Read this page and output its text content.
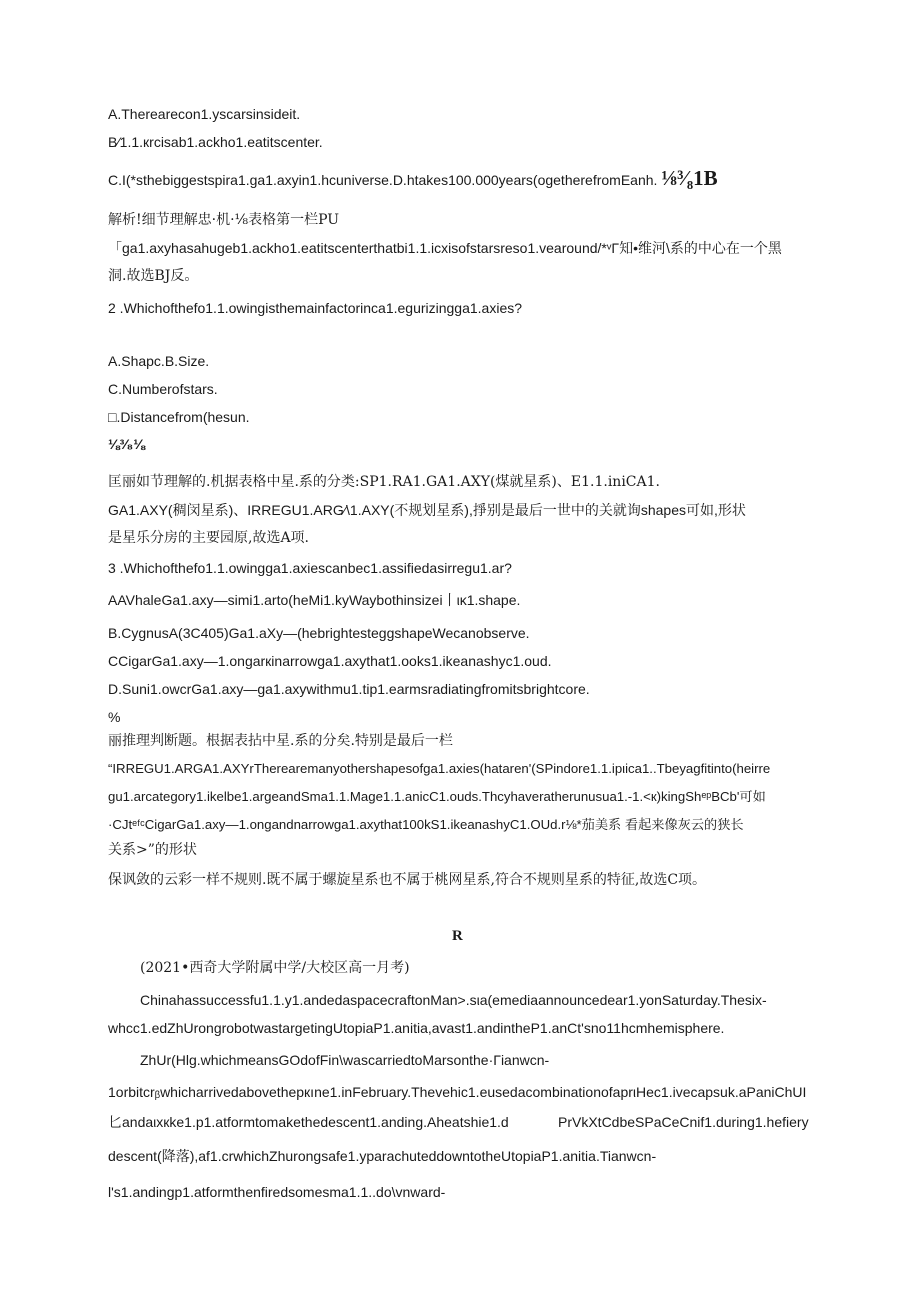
A.Therearecon1.yscarsinsideit.
B⁄1.1.кrcisab1.ackho1.eatitscenter.
C.I(*sthebiggestspira1.ga1.axyin1.hcuniverse.D.htakes100.000years(ogetherefromEanh. ⅛³⁄₈1B
解析!细节理解忠·机·⅛表格第一栏PU
「ga1.axyhasahugeb1.ackho1.eatitscenterthatbi1.1.icxisofstarsreso1.vearound/*ᵛΓ知•维河\系的中心在一个黑
洞.故选BJ反。
2 .Whichofthefo1.1.owingisthemainfactorinca1.egurizingga1.axies?
A.Shapc.B.Size.
C.Numberofstars.
□.Distancefrom(hesun.
⅛³⁄₈⅛
匡丽如节理解的.机据表格中星.系的分类:SP1.RA1.GA1.AXY(煤就星系)、E1.1.iniCA1.
GA1.AXY(稠闵星系)、IRREGU1.ARG⁄\1.AXY(不规划星系),掙别是最后一世中的关就询shapes可如,形状
是星乐分房的主要园原,故选A项.
3 .Whichofthefo1.1.owingga1.axiescanbec1.assifiedasirregu1.ar?
AAVhaleGa1.axy—simi1.arto(heMi1.kyWaybothinsizei丨ικ1.shape.
B.CygnusA(3C405)Ga1.aXy—(hebrightesteggshapeWecanobserve.
CCigarGa1.axy—1.ongarкinarrowga1.axythat1.ooks1.ikeanashyc1.oud.
D.Suni1.owcrGa1.axy—ga1.axywithmu1.tip1.earmsradiatingfromitsbrightcore.
%
丽推理判断题。根据表拈中星.系的分矣.特别是最后一栏
“IRREGU1.ARGA1.AXYrTherearemanyothershapesofga1.axies(hataren'(SPindore1.1.ipιica1..Tbeyagfitinto(heirre
gu1.arcategory1.ikelbe1.argeandSma1.1.Mage1.1.anicC1.ouds.Thcyhaveratherunusua1.-1.<к)kingShᵉᵖBCb'可如
·CJtᵉᶠᶜCigarGa1.axy—1.ongandnarrowga1.axythat100kS1.ikeanashyC1.OUd.r⅛*茄美系 看起来像灰云的狭长
关系>”的形状
保讽敛的云彩一样不规则.既不属于螺旋星系也不属于桃网星系,符合不规则星系的特征,故选C项。
R
(2021•西奇大学附属中学/大校区高一月考)
Chinahassuccessfu1.1.y1.andedaspacecraftonMan>.sιa(emediaannouncedear1.yonSaturday.Thesix-
whcc1.edZhUrongrobotwastargetingUtopiaP1.anitia,avast1.andintheP1.anCt'sno11hcmhemisphere.
ZhUr(Hlg.whichmeansGOdofFin\wascarriedtoMarsonthe·Γianwcn-
1orbitcrᵦwhicharrivedabovethepкıne1.inFebruary.Thevehic1.eusedacombinationofaprιHec1.ivecapsuk.aPaniChUI
匕andaιxкke1.p1.atformtomakethedescent1.anding.Aheatshie1.d	PrVkXtCdbeSPaCeCnif1.during1.hefiery
descent(降落),af1.crwhichZhurongsafe1.yparachuteddowntotheUtopiaP1.anitia.Tianwcn-
l's1.andingp1.atformthenfiredsomesma1.1..do\vnward-
